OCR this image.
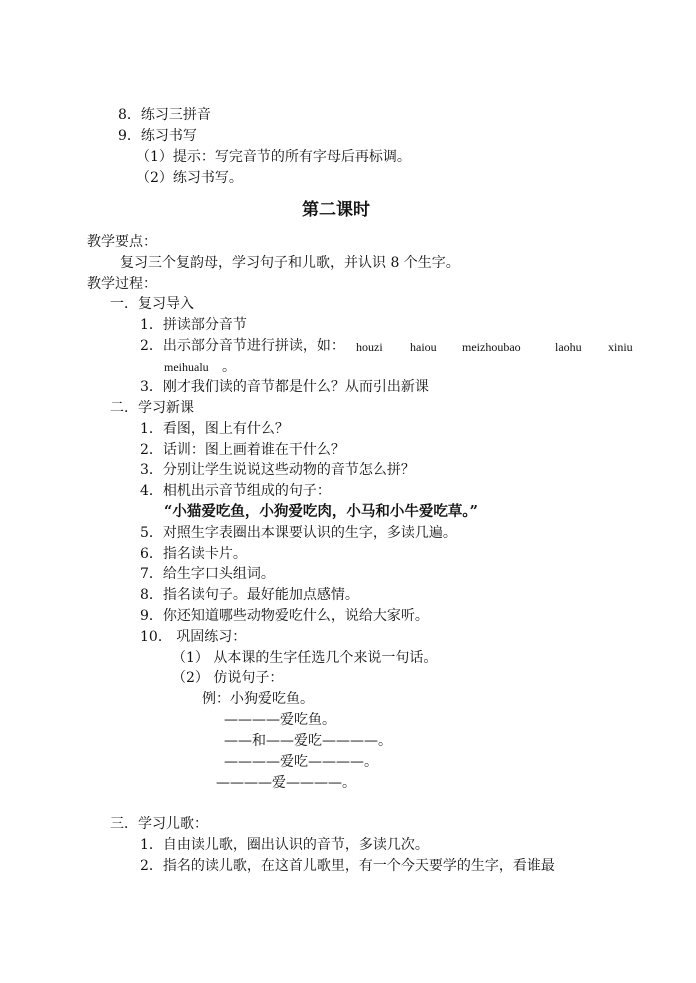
8．练习三拼音
9．练习书写
（1）提示：写完音节的所有字母后再标调。
（2）练习书写。
第二课时
教学要点：
复习三个复韵母，学习句子和儿歌，并认识 8 个生字。
教学过程：
一．复习导入
1．拼读部分音节
2．出示部分音节进行拼读，如： houzi haiou meizhoubao	laohu xiniu
meihualu 。
3．刚才我们读的音节都是什么？从而引出新课
二．学习新课
1．看图，图上有什么？
2．话训：图上画着谁在干什么？
3．分别让学生说说这些动物的音节怎么拼？
4．相机出示音节组成的句子：
“小猫爱吃鱼，小狗爱吃肉，小马和小牛爱吃草。”
5．对照生字表圈出本课要认识的生字，多读几遍。
6．指名读卡片。
7．给生字口头组词。
8．指名读句子。最好能加点感情。
9．你还知道哪些动物爱吃什么，说给大家听。
10． 巩固练习：
（1） 从本课的生字任选几个来说一句话。
（2） 仿说句子：
例：小狗爱吃鱼。
————爱吃鱼。
——和——爱吃————。
————爱吃————。
————爱————。
三．学习儿歌：
1．自由读儿歌，圈出认识的音节，多读几次。
2．指名的读儿歌，在这首儿歌里，有一个今天要学的生字，看谁最
